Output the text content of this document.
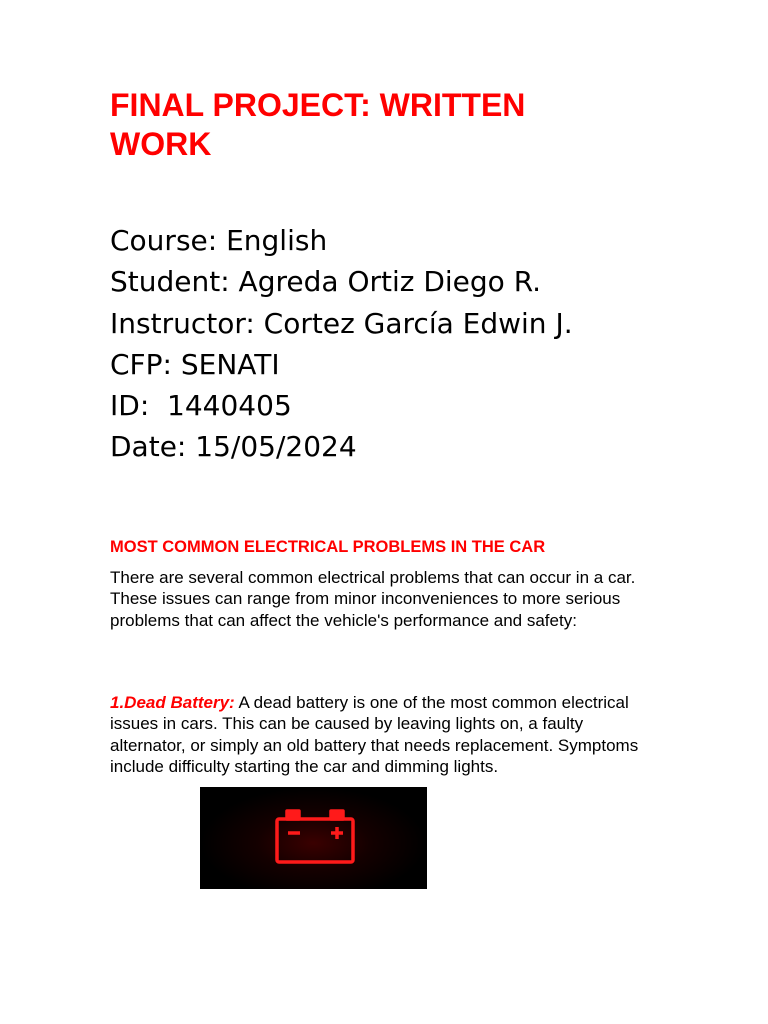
FINAL PROJECT: WRITTEN WORK
Course: English
Student: Agreda Ortiz Diego R.
Instructor: Cortez García Edwin J.
CFP: SENATI
ID:  1440405
Date: 15/05/2024
MOST COMMON ELECTRICAL PROBLEMS IN THE CAR

There are several common electrical problems that can occur in a car. These issues can range from minor inconveniences to more serious problems that can affect the vehicle's performance and safety:

1.Dead Battery: A dead battery is one of the most common electrical issues in cars. This can be caused by leaving lights on, a faulty alternator, or simply an old battery that needs replacement. Symptoms include difficulty starting the car and dimming lights.
